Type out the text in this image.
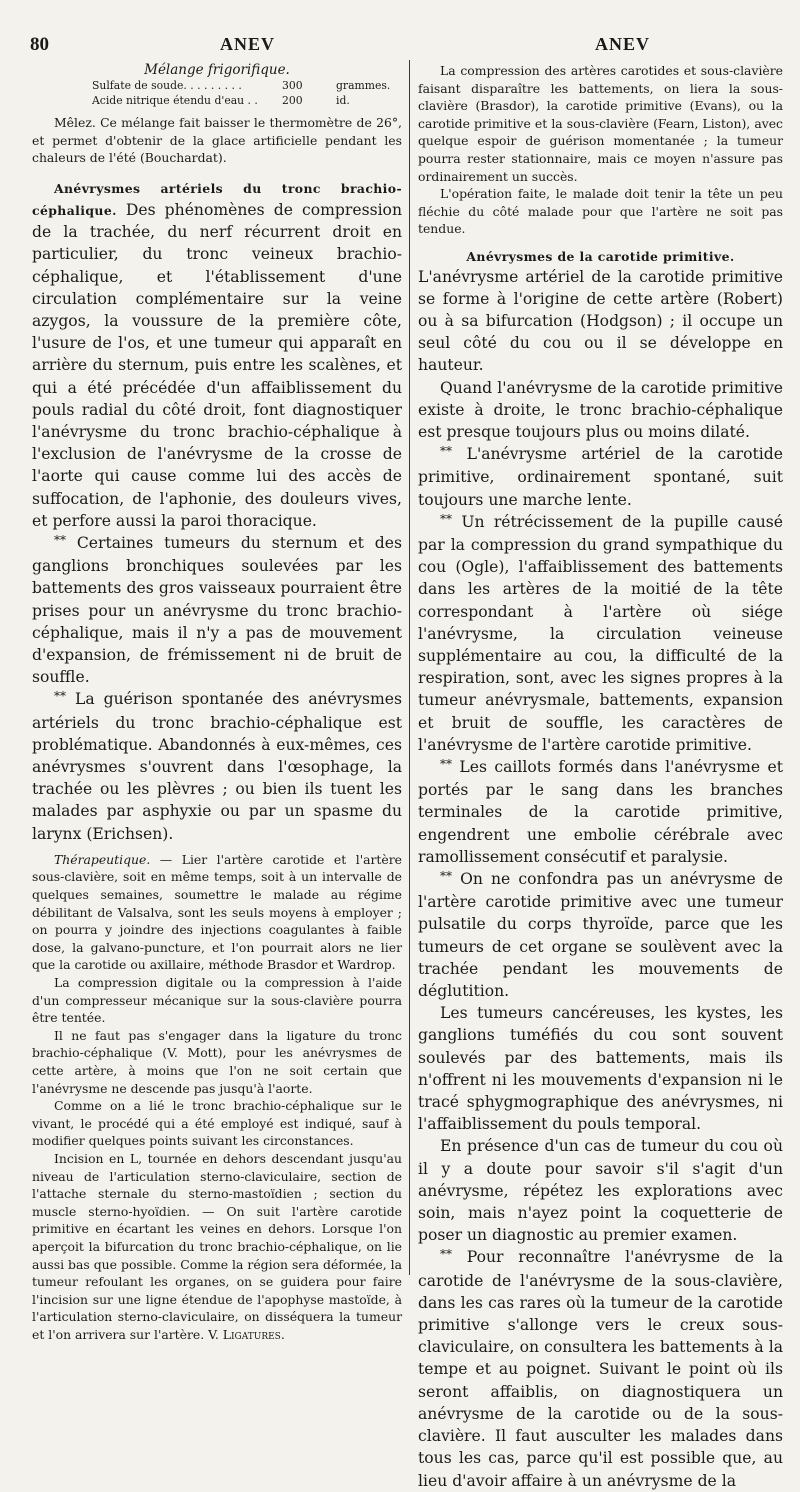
80	ANEV	ANEV

Mélange frigorifique.

Sulfate de soude. . . . . . . . .	300	grammes.
Acide nitrique étendu d'eau . .	200	id.

Mêlez. Ce mélange fait baisser le thermomètre de 26°, et permet d'obtenir de la glace artificielle pendant les chaleurs de l'été (Bouchardat).

Anévrysmes artériels du tronc brachio-céphalique. Des phénomènes de compression de la trachée, du nerf récurrent droit en particulier, du tronc veineux brachio-céphalique, et l'établissement d'une circulation complémentaire sur la veine azygos, la voussure de la première côte, l'usure de l'os, et une tumeur qui apparaît en arrière du sternum, puis entre les scalènes, et qui a été précédée d'un affaiblissement du pouls radial du côté droit, font diagnostiquer l'anévrysme du tronc brachio-céphalique à l'exclusion de l'anévrysme de la crosse de l'aorte qui cause comme lui des accès de suffocation, de l'aphonie, des douleurs vives, et perfore aussi la paroi thoracique.

** Certaines tumeurs du sternum et des ganglions bronchiques soulevées par les battements des gros vaisseaux pourraient être prises pour un anévrysme du tronc brachio-céphalique, mais il n'y a pas de mouvement d'expansion, de frémissement ni de bruit de souffle.

** La guérison spontanée des anévrysmes artériels du tronc brachio-céphalique est problématique. Abandonnés à eux-mêmes, ces anévrysmes s'ouvrent dans l'œsophage, la trachée ou les plèvres ; ou bien ils tuent les malades par asphyxie ou par un spasme du larynx (Erichsen).

Thérapeutique. — Lier l'artère carotide et l'artère sous-clavière, soit en même temps, soit à un intervalle de quelques semaines, soumettre le malade au régime débilitant de Valsalva, sont les seuls moyens à employer ; on pourra y joindre des injections coagulantes à faible dose, la galvano-puncture, et l'on pourrait alors ne lier que la carotide ou axillaire, méthode Brasdor et Wardrop.

La compression digitale ou la compression à l'aide d'un compresseur mécanique sur la sous-clavière pourra être tentée.

Il ne faut pas s'engager dans la ligature du tronc brachio-céphalique (V. Mott), pour les anévrysmes de cette artère, à moins que l'on ne soit certain que l'anévrysme ne descende pas jusqu'à l'aorte.

Comme on a lié le tronc brachio-céphalique sur le vivant, le procédé qui a été employé est indiqué, sauf à modifier quelques points suivant les circonstances.

Incision en L, tournée en dehors descendant jusqu'au niveau de l'articulation sterno-claviculaire, section de l'attache sternale du sterno-mastoïdien ; section du muscle sterno-hyoïdien. — On suit l'artère carotide primitive en écartant les veines en dehors. Lorsque l'on aperçoit la bifurcation du tronc brachio-céphalique, on lie aussi bas que possible. Comme la région sera déformée, la tumeur refoulant les organes, on se guidera pour faire l'incision sur une ligne étendue de l'apophyse mastoïde, à l'articulation sterno-claviculaire, on disséquera la tumeur et l'on arrivera sur l'artère. V. Ligatures.

La compression des artères carotides et sous-clavière faisant disparaître les battements, on liera la sous-clavière (Brasdor), la carotide primitive (Evans), ou la carotide primitive et la sous-clavière (Fearn, Liston), avec quelque espoir de guérison momentanée ; la tumeur pourra rester stationnaire, mais ce moyen n'assure pas ordinairement un succès.

L'opération faite, le malade doit tenir la tête un peu fléchie du côté malade pour que l'artère ne soit pas tendue.

Anévrysmes de la carotide primitive.

L'anévrysme artériel de la carotide primitive se forme à l'origine de cette artère (Robert) ou à sa bifurcation (Hodgson) ; il occupe un seul côté du cou ou il se développe en hauteur.

Quand l'anévrysme de la carotide primitive existe à droite, le tronc brachio-céphalique est presque toujours plus ou moins dilaté.

** L'anévrysme artériel de la carotide primitive, ordinairement spontané, suit toujours une marche lente.

** Un rétrécissement de la pupille causé par la compression du grand sympathique du cou (Ogle), l'affaiblissement des battements dans les artères de la moitié de la tête correspondant à l'artère où siége l'anévrysme, la circulation veineuse supplémentaire au cou, la difficulté de la respiration, sont, avec les signes propres à la tumeur anévrysmale, battements, expansion et bruit de souffle, les caractères de l'anévrysme de l'artère carotide primitive.

** Les caillots formés dans l'anévrysme et portés par le sang dans les branches terminales de la carotide primitive, engendrent une embolie cérébrale avec ramollissement consécutif et paralysie.

** On ne confondra pas un anévrysme de l'artère carotide primitive avec une tumeur pulsatile du corps thyroïde, parce que les tumeurs de cet organe se soulèvent avec la trachée pendant les mouvements de déglutition.

Les tumeurs cancéreuses, les kystes, les ganglions tuméfiés du cou sont souvent soulevés par des battements, mais ils n'offrent ni les mouvements d'expansion ni le tracé sphygmographique des anévrysmes, ni l'affaiblissement du pouls temporal.

En présence d'un cas de tumeur du cou où il y a doute pour savoir s'il s'agit d'un anévrysme, répétez les explorations avec soin, mais n'ayez point la coquetterie de poser un diagnostic au premier examen.

** Pour reconnaître l'anévrysme de la carotide de l'anévrysme de la sous-clavière, dans les cas rares où la tumeur de la carotide primitive s'allonge vers le creux sous-claviculaire, on consultera les battements à la tempe et au poignet. Suivant le point où ils seront affaiblis, on diagnostiquera un anévrysme de la carotide ou de la sous-clavière. Il faut ausculter les malades dans tous les cas, parce qu'il est possible que, au lieu d'avoir affaire à un anévrysme de la
